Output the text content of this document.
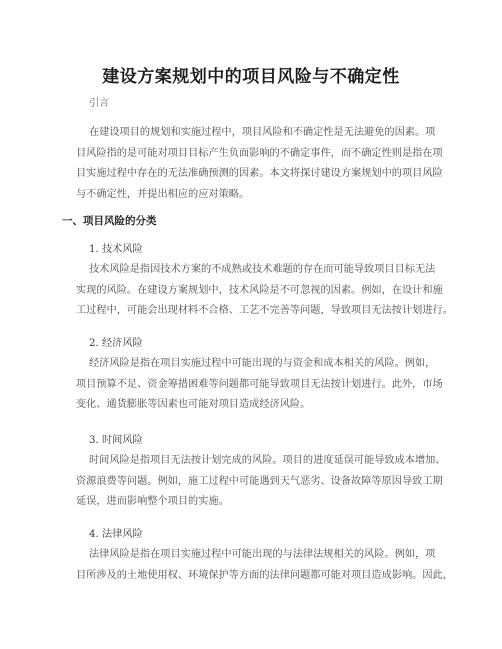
建设方案规划中的项目风险与不确定性

引言

在建设项目的规划和实施过程中，项目风险和不确定性是无法避免的因素。项
目风险指的是可能对项目目标产生负面影响的不确定事件，而不确定性则是指在项
目实施过程中存在的无法准确预测的因素。本文将探讨建设方案规划中的项目风险
与不确定性，并提出相应的应对策略。
一、项目风险的分类

1. 技术风险

技术风险是指因技术方案的不成熟或技术难题的存在而可能导致项目目标无法
实现的风险。在建设方案规划中，技术风险是不可忽视的因素。例如，在设计和施
工过程中，可能会出现材料不合格、工艺不完善等问题，导致项目无法按计划进行。

2. 经济风险

经济风险是指在项目实施过程中可能出现的与资金和成本相关的风险。例如，
项目预算不足、资金筹措困难等问题都可能导致项目无法按计划进行。此外，市场
变化、通货膨胀等因素也可能对项目造成经济风险。

3. 时间风险

时间风险是指项目无法按计划完成的风险。项目的进度延误可能导致成本增加、
资源浪费等问题。例如，施工过程中可能遇到天气恶劣、设备故障等原因导致工期
延误，进而影响整个项目的实施。

4. 法律风险

法律风险是指在项目实施过程中可能出现的与法律法规相关的风险。例如，项
目所涉及的土地使用权、环境保护等方面的法律问题都可能对项目造成影响。因此，
